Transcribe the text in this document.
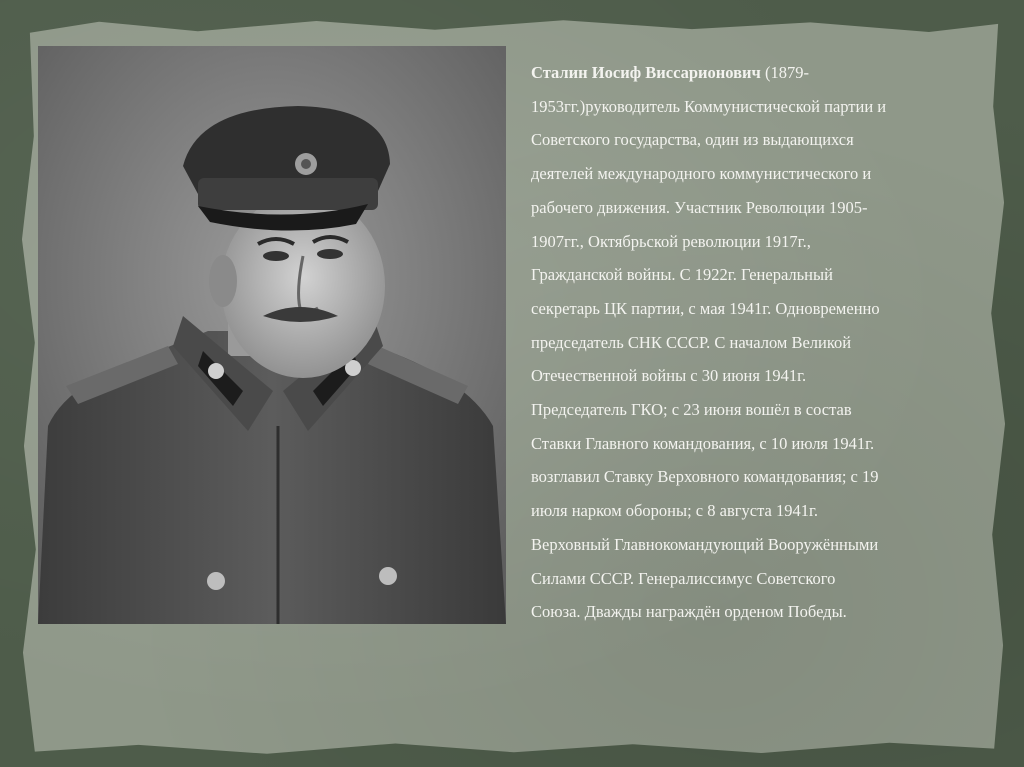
Сталин Иосиф Виссарионович (1879-
1953гг.)руководитель Коммунистической партии и
Советского государства, один из выдающихся
деятелей международного коммунистического и
рабочего движения. Участник Революции 1905-
1907гг., Октябрьской революции 1917г.,
Гражданской войны. С 1922г. Генеральный
секретарь ЦК партии, с мая 1941г. Одновременно
председатель СНК СССР. С началом Великой
Отечественной войны с 30 июня 1941г.
Председатель ГКО; с 23 июня вошёл в состав
Ставки Главного командования, с 10 июля 1941г.
возглавил Ставку Верховного командования; с 19
июля нарком обороны; с 8 августа 1941г.
Верховный Главнокомандующий Вооружёнными
Силами СССР. Генералиссимус Советского
Союза. Дважды награждён орденом Победы.
